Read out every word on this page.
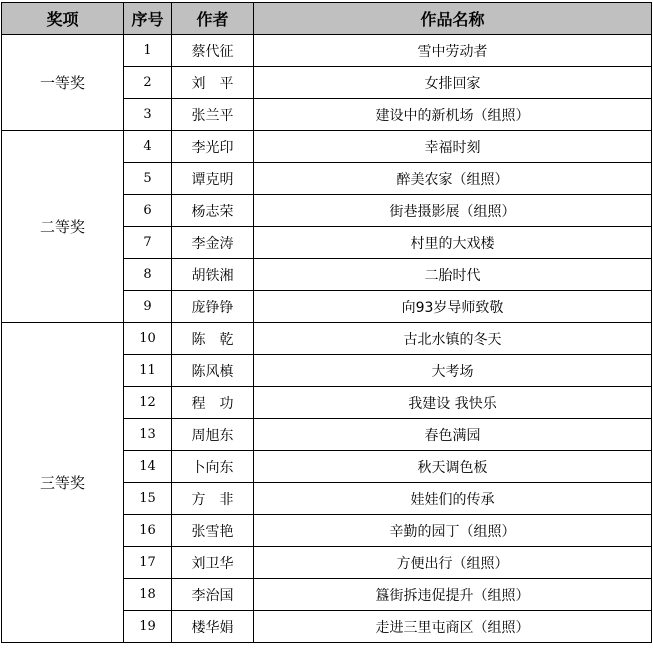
奖项	序号	作者	作品名称
一等奖	1	蔡代征	雪中劳动者
	2	刘　平	女排回家
	3	张兰平	建设中的新机场（组照）
二等奖	4	李光印	幸福时刻
	5	谭克明	醉美农家（组照）
	6	杨志荣	街巷摄影展（组照）
	7	李金涛	村里的大戏楼
	8	胡铁湘	二胎时代
	9	庞铮铮	向93岁导师致敬
三等奖	10	陈　乾	古北水镇的冬天
	11	陈风槙	大考场
	12	程　功	我建设 我快乐
	13	周旭东	春色满园
	14	卜向东	秋天调色板
	15	方　非	娃娃们的传承
	16	张雪艳	辛勤的园丁（组照）
	17	刘卫华	方便出行（组照）
	18	李治国	簋街拆违促提升（组照）
	19	楼华娟	走进三里屯商区（组照）
